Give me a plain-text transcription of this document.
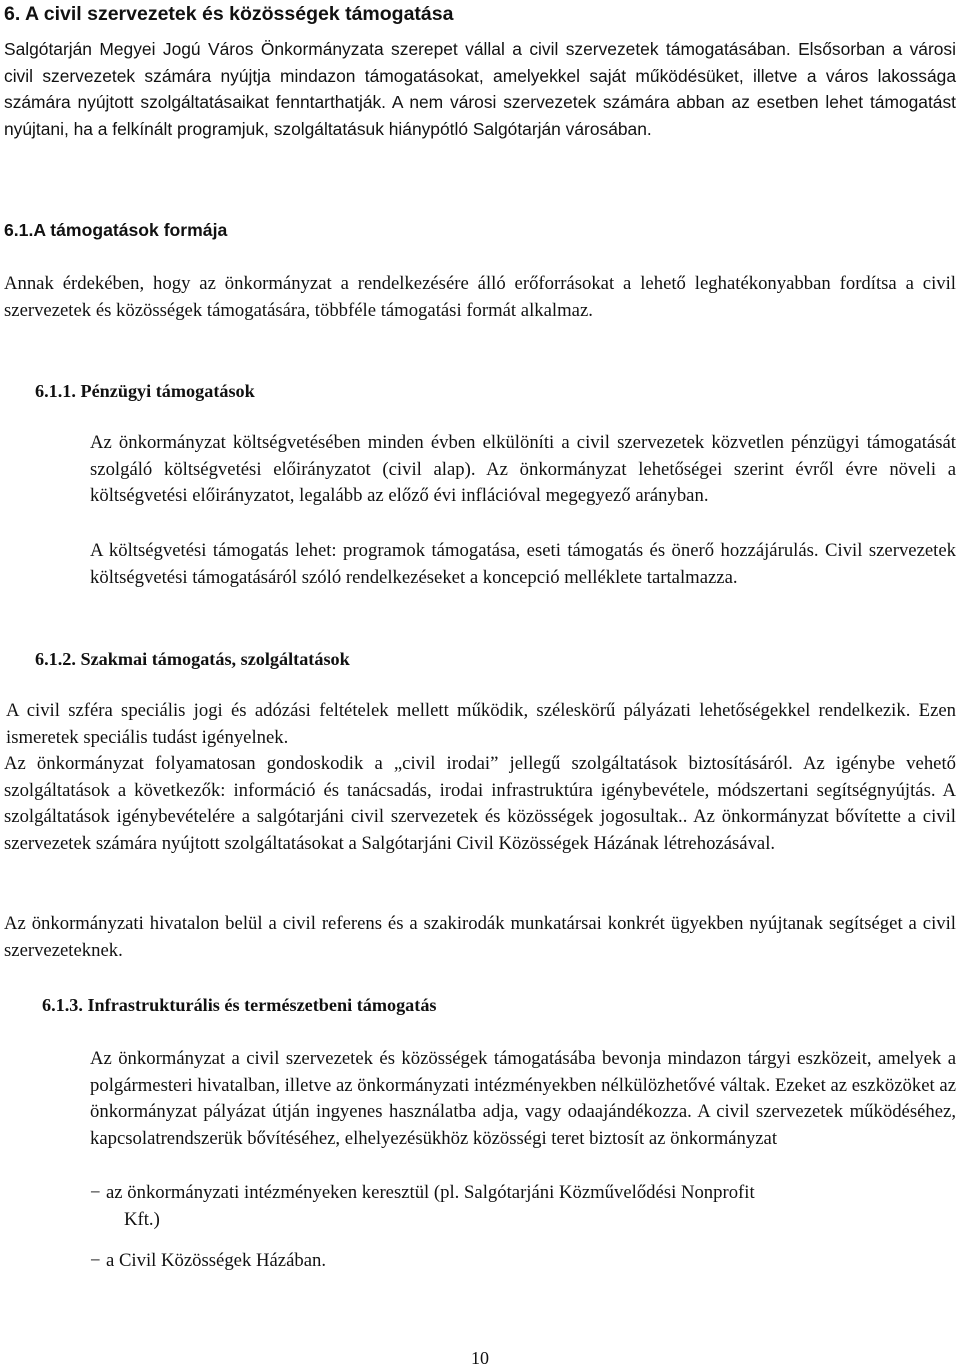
6. A civil szervezetek és közösségek támogatása

Salgótarján Megyei Jogú Város Önkormányzata szerepet vállal a civil szervezetek támogatásában. Elsősorban a városi civil szervezetek számára nyújtja mindazon támogatásokat, amelyekkel saját működésüket, illetve a város lakossága számára nyújtott szolgáltatásaikat fenntarthatják. A nem városi szervezetek számára abban az esetben lehet támogatást nyújtani, ha a felkínált programjuk, szolgáltatásuk hiánypótló Salgótarján városában.

6.1.A támogatások formája

Annak érdekében, hogy az önkormányzat a rendelkezésére álló erőforrásokat a lehető leghatékonyabban fordítsa a civil szervezetek és közösségek támogatására, többféle támogatási formát alkalmaz.

6.1.1. Pénzügyi támogatások

Az önkormányzat költségvetésében minden évben elkülöníti a civil szervezetek közvetlen pénzügyi támogatását szolgáló költségvetési előirányzatot (civil alap). Az önkormányzat lehetőségei szerint évről évre növeli a költségvetési előirányzatot, legalább az előző évi inflációval megegyező arányban.

A költségvetési támogatás lehet: programok támogatása, eseti támogatás és önerő hozzájárulás. Civil szervezetek költségvetési támogatásáról szóló rendelkezéseket a koncepció melléklete tartalmazza.

6.1.2. Szakmai támogatás, szolgáltatások

A civil szféra speciális jogi és adózási feltételek mellett működik, széleskörű pályázati lehetőségekkel rendelkezik. Ezen ismeretek speciális tudást igényelnek.

Az önkormányzat folyamatosan gondoskodik a „civil irodai” jellegű szolgáltatások biztosításáról. Az igénybe vehető szolgáltatások a következők: információ és tanácsadás, irodai infrastruktúra igénybevétele, módszertani segítségnyújtás. A szolgáltatások igénybevételére a salgótarjáni civil szervezetek és közösségek jogosultak.. Az önkormányzat bővítette a civil szervezetek számára nyújtott szolgáltatásokat a Salgótarjáni Civil Közösségek Házának létrehozásával.

Az önkormányzati hivatalon belül a civil referens és a szakirodák munkatársai konkrét ügyekben nyújtanak segítséget a civil szervezeteknek.

6.1.3. Infrastrukturális és természetbeni támogatás

Az önkormányzat a civil szervezetek és közösségek támogatásába bevonja mindazon tárgyi eszközeit, amelyek a polgármesteri hivatalban, illetve az önkormányzati intézményekben nélkülözhetővé váltak. Ezeket az eszközöket az önkormányzat pályázat útján ingyenes használatba adja, vagy odaajándékozza. A civil szervezetek működéséhez, kapcsolatrendszerük bővítéséhez, elhelyezésükhöz közösségi teret biztosít az önkormányzat

− az önkormányzati intézményeken keresztül (pl. Salgótarjáni Közművelődési Nonprofit
Kft.)
− a Civil Közösségek Házában.
10
